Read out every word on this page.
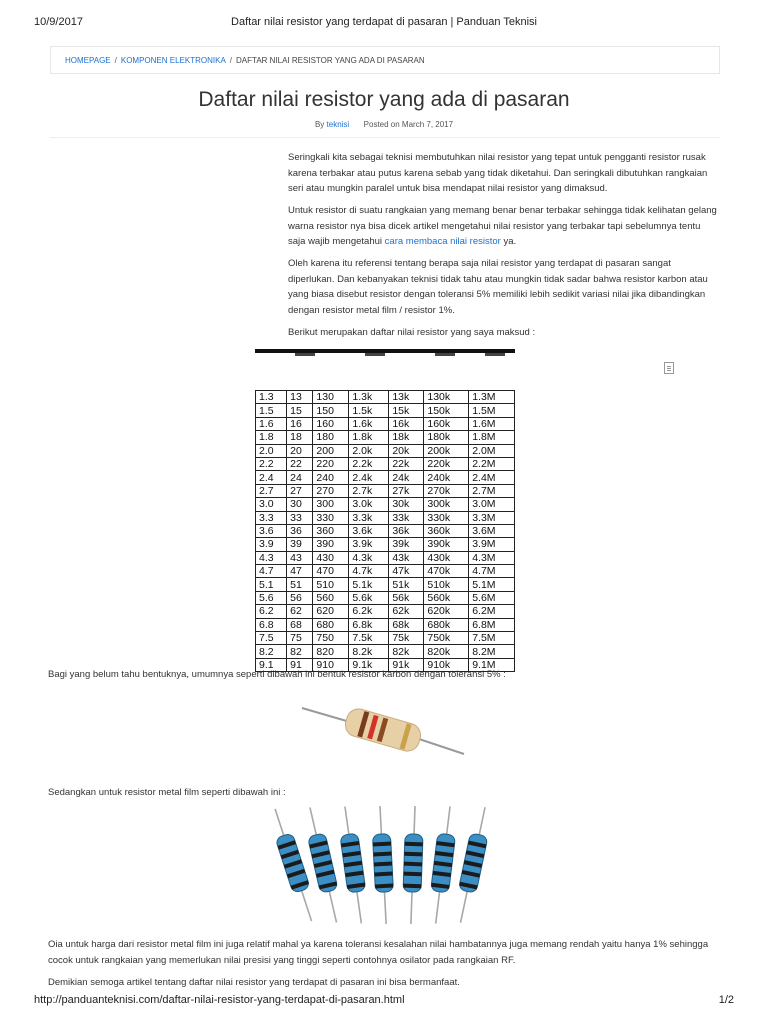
10/9/2017	Daftar nilai resistor yang terdapat di pasaran | Panduan Teknisi
HOMEPAGE / KOMPONEN ELEKTRONIKA / DAFTAR NILAI RESISTOR YANG ADA DI PASARAN
Daftar nilai resistor yang ada di pasaran
By teknisi Posted on March 7, 2017

Seringkali kita sebagai teknisi membutuhkan nilai resistor yang tepat untuk pengganti resistor rusak karena terbakar atau putus karena sebab yang tidak diketahui. Dan seringkali dibutuhkan rangkaian seri atau mungkin paralel untuk bisa mendapat nilai resistor yang dimaksud.

Untuk resistor di suatu rangkaian yang memang benar benar terbakar sehingga tidak kelihatan gelang warna resistor nya bisa dicek artikel mengetahui nilai resistor yang terbakar tapi sebelumnya tentu saja wajib mengetahui cara membaca nilai resistor ya.

Oleh karena itu referensi tentang berapa saja nilai resistor yang terdapat di pasaran sangat diperlukan. Dan kebanyakan teknisi tidak tahu atau mungkin tidak sadar bahwa resistor karbon atau yang biasa disebut resistor dengan toleransi 5% memiliki lebih sedikit variasi nilai jika dibandingkan dengan resistor metal film / resistor 1%.

Berikut merupakan daftar nilai resistor yang saya maksud :

1.3	13	130	1.3k	13k	130k	1.3M
1.5	15	150	1.5k	15k	150k	1.5M
1.6	16	160	1.6k	16k	160k	1.6M
1.8	18	180	1.8k	18k	180k	1.8M
2.0	20	200	2.0k	20k	200k	2.0M
2.2	22	220	2.2k	22k	220k	2.2M
2.4	24	240	2.4k	24k	240k	2.4M
2.7	27	270	2.7k	27k	270k	2.7M
3.0	30	300	3.0k	30k	300k	3.0M
3.3	33	330	3.3k	33k	330k	3.3M
3.6	36	360	3.6k	36k	360k	3.6M
3.9	39	390	3.9k	39k	390k	3.9M
4.3	43	430	4.3k	43k	430k	4.3M
4.7	47	470	4.7k	47k	470k	4.7M
5.1	51	510	5.1k	51k	510k	5.1M
5.6	56	560	5.6k	56k	560k	5.6M
6.2	62	620	6.2k	62k	620k	6.2M
6.8	68	680	6.8k	68k	680k	6.8M
7.5	75	750	7.5k	75k	750k	7.5M
8.2	82	820	8.2k	82k	820k	8.2M
9.1	91	910	9.1k	91k	910k	9.1M

Bagi yang belum tahu bentuknya, umumnya seperti dibawah ini bentuk resistor karbon dengan toleransi 5% :

Sedangkan untuk resistor metal film seperti dibawah ini :

Oia untuk harga dari resistor metal film ini juga relatif mahal ya karena toleransi kesalahan nilai hambatannya juga memang rendah yaitu hanya 1% sehingga cocok untuk rangkaian yang memerlukan nilai presisi yang tinggi seperti contohnya osilator pada rangkaian RF.

Demikian semoga artikel tentang daftar nilai resistor yang terdapat di pasaran ini bisa bermanfaat.

http://panduanteknisi.com/daftar-nilai-resistor-yang-terdapat-di-pasaran.html	1/2
